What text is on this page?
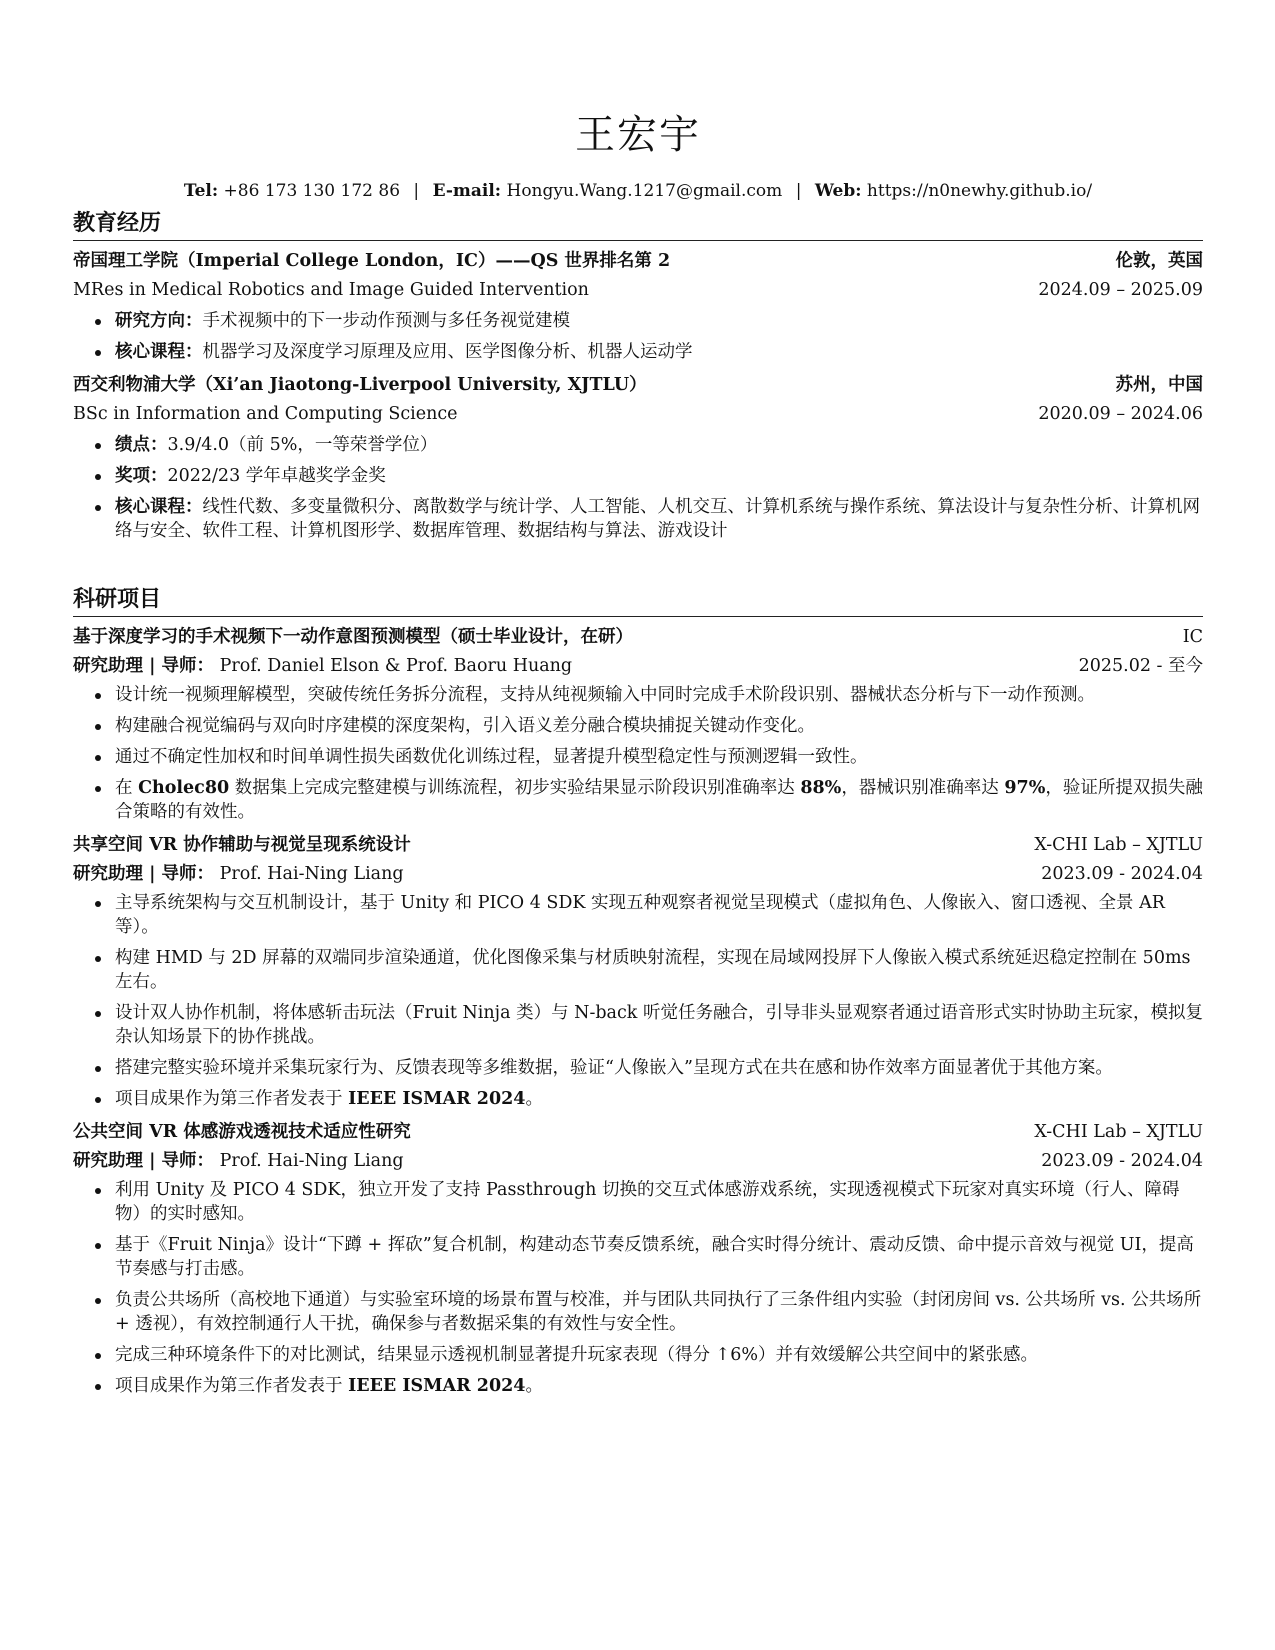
王宏宇
Tel: +86 173 130 172 86 | E-mail: Hongyu.Wang.1217@gmail.com | Web: https://n0newhy.github.io/
教育经历
帝国理工学院（Imperial College London，IC）——QS 世界排名第 2	伦敦，英国
MRes in Medical Robotics and Image Guided Intervention	2024.09 – 2025.09
研究方向：手术视频中的下一步动作预测与多任务视觉建模
核心课程：机器学习及深度学习原理及应用、医学图像分析、机器人运动学
西交利物浦大学（Xi’an Jiaotong-Liverpool University, XJTLU）	苏州，中国
BSc in Information and Computing Science	2020.09 – 2024.06
绩点：3.9/4.0（前 5%，一等荣誉学位）
奖项：2022/23 学年卓越奖学金奖
核心课程：线性代数、多变量微积分、离散数学与统计学、人工智能、人机交互、计算机系统与操作系统、算法设计与复杂性分析、计算机网络与安全、软件工程、计算机图形学、数据库管理、数据结构与算法、游戏设计
科研项目
基于深度学习的手术视频下一动作意图预测模型（硕士毕业设计，在研）	IC
研究助理 | 导师： Prof. Daniel Elson & Prof. Baoru Huang	2025.02 - 至今
设计统一视频理解模型，突破传统任务拆分流程，支持从纯视频输入中同时完成手术阶段识别、器械状态分析与下一动作预测。
构建融合视觉编码与双向时序建模的深度架构，引入语义差分融合模块捕捉关键动作变化。
通过不确定性加权和时间单调性损失函数优化训练过程，显著提升模型稳定性与预测逻辑一致性。
在 Cholec80 数据集上完成完整建模与训练流程，初步实验结果显示阶段识别准确率达 88%，器械识别准确率达 97%，验证所提双损失融合策略的有效性。
共享空间 VR 协作辅助与视觉呈现系统设计	X-CHI Lab – XJTLU
研究助理 | 导师： Prof. Hai-Ning Liang	2023.09 - 2024.04
主导系统架构与交互机制设计，基于 Unity 和 PICO 4 SDK 实现五种观察者视觉呈现模式（虚拟角色、人像嵌入、窗口透视、全景 AR 等）。
构建 HMD 与 2D 屏幕的双端同步渲染通道，优化图像采集与材质映射流程，实现在局域网投屏下人像嵌入模式系统延迟稳定控制在 50ms 左右。
设计双人协作机制，将体感斩击玩法（Fruit Ninja 类）与 N-back 听觉任务融合，引导非头显观察者通过语音形式实时协助主玩家，模拟复杂认知场景下的协作挑战。
搭建完整实验环境并采集玩家行为、反馈表现等多维数据，验证“人像嵌入”呈现方式在共在感和协作效率方面显著优于其他方案。
项目成果作为第三作者发表于 IEEE ISMAR 2024。
公共空间 VR 体感游戏透视技术适应性研究	X-CHI Lab – XJTLU
研究助理 | 导师： Prof. Hai-Ning Liang	2023.09 - 2024.04
利用 Unity 及 PICO 4 SDK，独立开发了支持 Passthrough 切换的交互式体感游戏系统，实现透视模式下玩家对真实环境（行人、障碍物）的实时感知。
基于《Fruit Ninja》设计“下蹲 + 挥砍”复合机制，构建动态节奏反馈系统，融合实时得分统计、震动反馈、命中提示音效与视觉 UI，提高节奏感与打击感。
负责公共场所（高校地下通道）与实验室环境的场景布置与校准，并与团队共同执行了三条件组内实验（封闭房间 vs. 公共场所 vs. 公共场所 + 透视），有效控制通行人干扰，确保参与者数据采集的有效性与安全性。
完成三种环境条件下的对比测试，结果显示透视机制显著提升玩家表现（得分 ↑6%）并有效缓解公共空间中的紧张感。
项目成果作为第三作者发表于 IEEE ISMAR 2024。
